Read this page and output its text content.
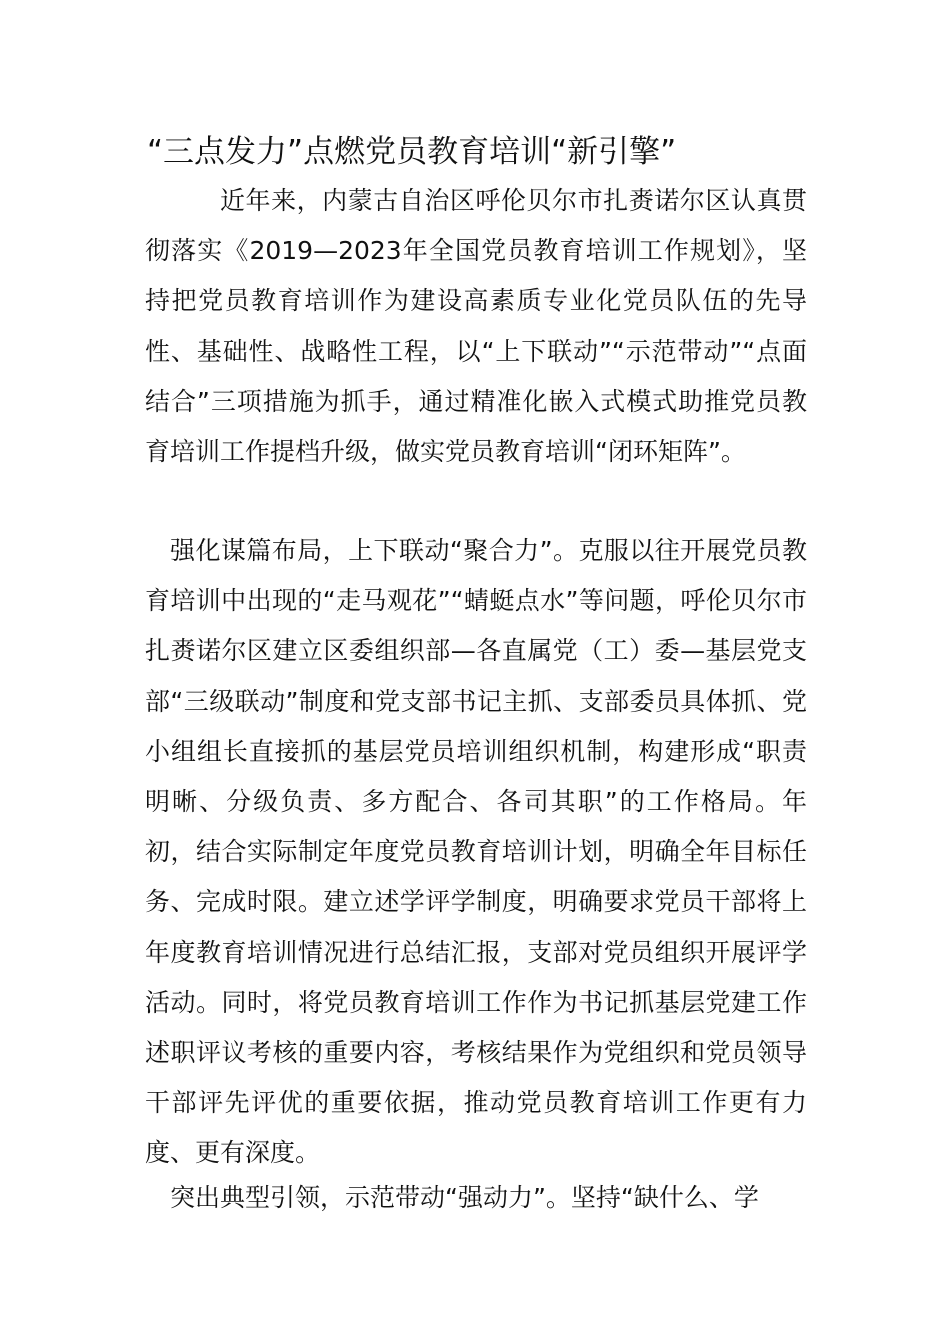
“三点发力”点燃党员教育培训“新引擎”

近年来，内蒙古自治区呼伦贝尔市扎赉诺尔区认真贯彻落实《2019—2023年全国党员教育培训工作规划》，坚持把党员教育培训作为建设高素质专业化党员队伍的先导性、基础性、战略性工程，以“上下联动”“示范带动”“点面结合”三项措施为抓手，通过精准化嵌入式模式助推党员教育培训工作提档升级，做实党员教育培训“闭环矩阵”。

强化谋篇布局，上下联动“聚合力”。克服以往开展党员教育培训中出现的“走马观花”“蜻蜓点水”等问题，呼伦贝尔市扎赉诺尔区建立区委组织部—各直属党（工）委—基层党支部“三级联动”制度和党支部书记主抓、支部委员具体抓、党小组组长直接抓的基层党员培训组织机制，构建形成“职责明晰、分级负责、多方配合、各司其职”的工作格局。年初，结合实际制定年度党员教育培训计划，明确全年目标任务、完成时限。建立述学评学制度，明确要求党员干部将上年度教育培训情况进行总结汇报，支部对党员组织开展评学活动。同时，将党员教育培训工作作为书记抓基层党建工作述职评议考核的重要内容，考核结果作为党组织和党员领导干部评先评优的重要依据，推动党员教育培训工作更有力度、更有深度。

突出典型引领，示范带动“强动力”。坚持“缺什么、学
